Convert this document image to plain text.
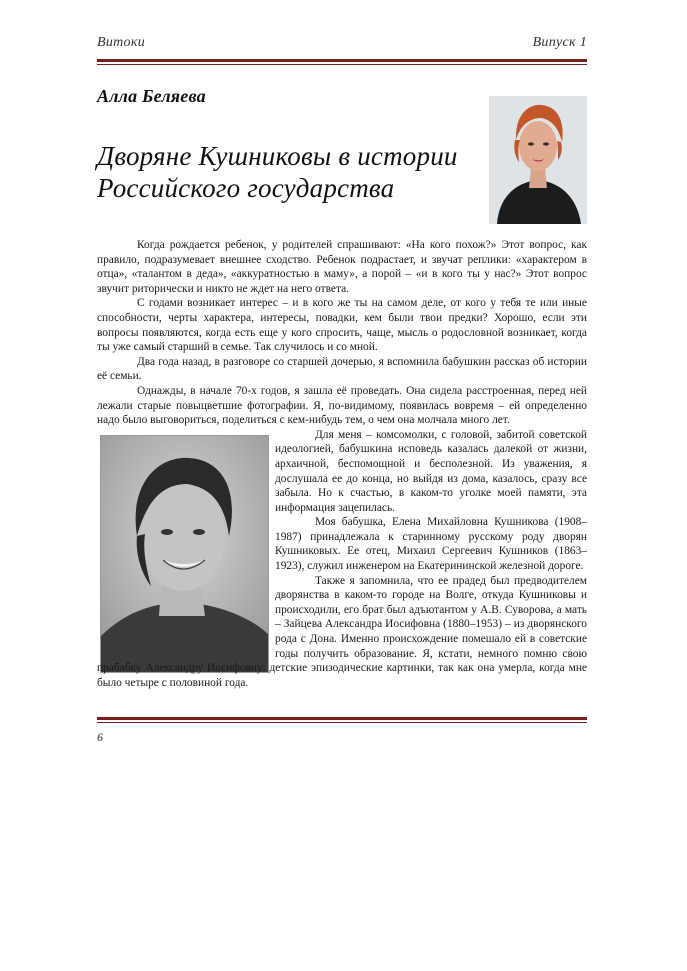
Витоки	Випуск 1
Алла Беляева
Дворяне Кушниковы в истории Российского государства

Когда рождается ребенок, у родителей спрашивают: «На кого похож?» Этот вопрос, как правило, подразумевает внешнее сходство. Ребенок подрастает, и звучат реплики: «характером в отца», «талантом в деда», «аккуратностью в маму», а порой – «и в кого ты у нас?» Этот вопрос звучит риторически и никто не ждет на него ответа.

С годами возникает интерес – и в кого же ты на самом деле, от кого у тебя те или иные способности, черты характера, интересы, повадки, кем были твои предки? Хорошо, если эти вопросы появляются, когда есть еще у кого спросить, чаще, мысль о родословной возникает, когда ты уже самый старший в семье. Так случилось и со мной.

Два года назад, в разговоре со старшей дочерью, я вспомнила бабушкин рассказ об истории её семьи.

Однажды, в начале 70-х годов, я зашла её проведать. Она сидела расстроенная, перед ней лежали старые повыцветшие фотографии. Я, по-видимому, появилась вовремя – ей определенно надо было выговориться, поделиться с кем-нибудь тем, о чем она молчала много лет.

Для меня – комсомолки, с головой, забитой советской идеологией, бабушкина исповедь казалась далекой от жизни, архаичной, беспомощной и бесполезной. Из уважения, я дослушала ее до конца, но выйдя из дома, казалось, сразу все забыла. Но к счастью, в каком-то уголке моей памяти, эта информация зацепилась.

Моя бабушка, Елена Михайловна Кушникова (1908–1987) принадлежала к старинному русскому роду дворян Кушниковых. Ее отец, Михаил Сергеевич Кушников (1863–1923), служил инженером на Екатерининской железной дороге.

Также я запомнила, что ее прадед был предводителем дворянства в каком-то городе на Волге, откуда Кушниковы и происходили, его брат был адъютантом у А.В. Суворова, а мать – Зайцева Александра Иосифовна (1880–1953) – из дворянского рода с Дона. Именно происхождение помешало ей в советские годы получить образование. Я, кстати, немного помню свою прабабку Александру Иосифовну: детские эпизодические картинки, так как она умерла, когда мне было четыре с половиной года.

6
